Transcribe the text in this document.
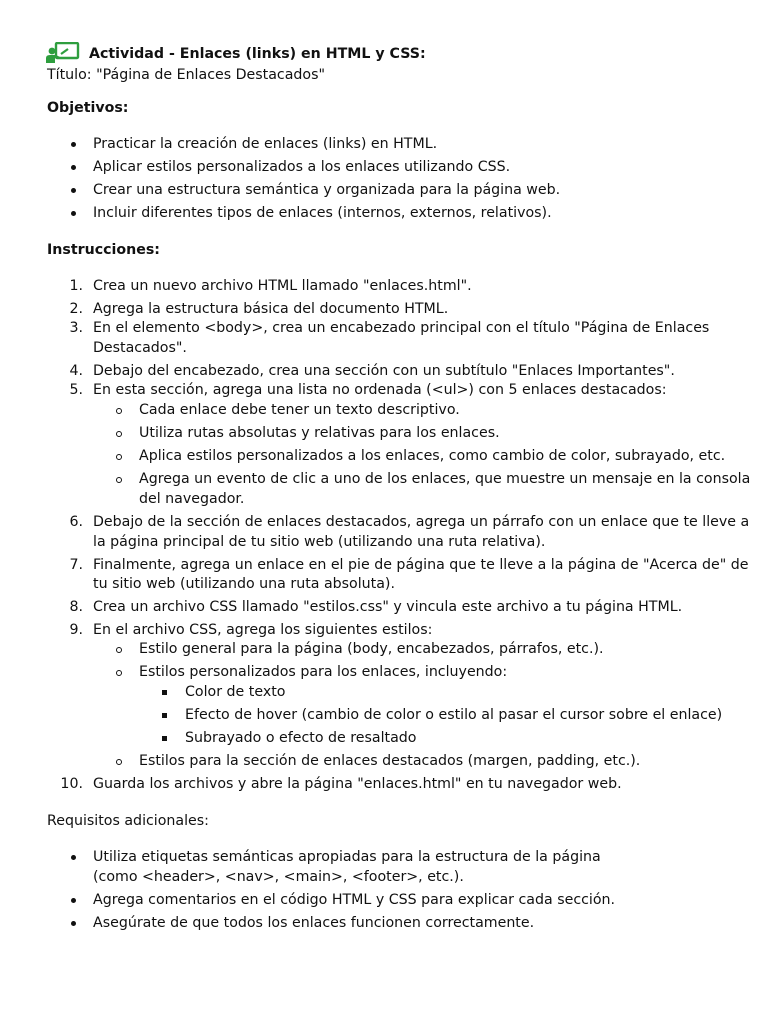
Actividad - Enlaces (links) en HTML y CSS:
Título: "Página de Enlaces Destacados"
Objetivos:
Practicar la creación de enlaces (links) en HTML.
Aplicar estilos personalizados a los enlaces utilizando CSS.
Crear una estructura semántica y organizada para la página web.
Incluir diferentes tipos de enlaces (internos, externos, relativos).
Instrucciones:
1. Crea un nuevo archivo HTML llamado "enlaces.html".
2. Agrega la estructura básica del documento HTML.
3. En el elemento <body>, crea un encabezado principal con el título "Página de Enlaces
Destacados".
4. Debajo del encabezado, crea una sección con un subtítulo "Enlaces Importantes".
5. En esta sección, agrega una lista no ordenada (<ul>) con 5 enlaces destacados:
Cada enlace debe tener un texto descriptivo.
Utiliza rutas absolutas y relativas para los enlaces.
Aplica estilos personalizados a los enlaces, como cambio de color, subrayado, etc.
Agrega un evento de clic a uno de los enlaces, que muestre un mensaje en la consola
del navegador.
6. Debajo de la sección de enlaces destacados, agrega un párrafo con un enlace que te lleve a
la página principal de tu sitio web (utilizando una ruta relativa).
7. Finalmente, agrega un enlace en el pie de página que te lleve a la página de "Acerca de" de
tu sitio web (utilizando una ruta absoluta).
8. Crea un archivo CSS llamado "estilos.css" y vincula este archivo a tu página HTML.
9. En el archivo CSS, agrega los siguientes estilos:
Estilo general para la página (body, encabezados, párrafos, etc.).
Estilos personalizados para los enlaces, incluyendo:
Color de texto
Efecto de hover (cambio de color o estilo al pasar el cursor sobre el enlace)
Subrayado o efecto de resaltado
Estilos para la sección de enlaces destacados (margen, padding, etc.).
10. Guarda los archivos y abre la página "enlaces.html" en tu navegador web.
Requisitos adicionales:
Utiliza etiquetas semánticas apropiadas para la estructura de la página
(como <header>, <nav>, <main>, <footer>, etc.).
Agrega comentarios en el código HTML y CSS para explicar cada sección.
Asegúrate de que todos los enlaces funcionen correctamente.
